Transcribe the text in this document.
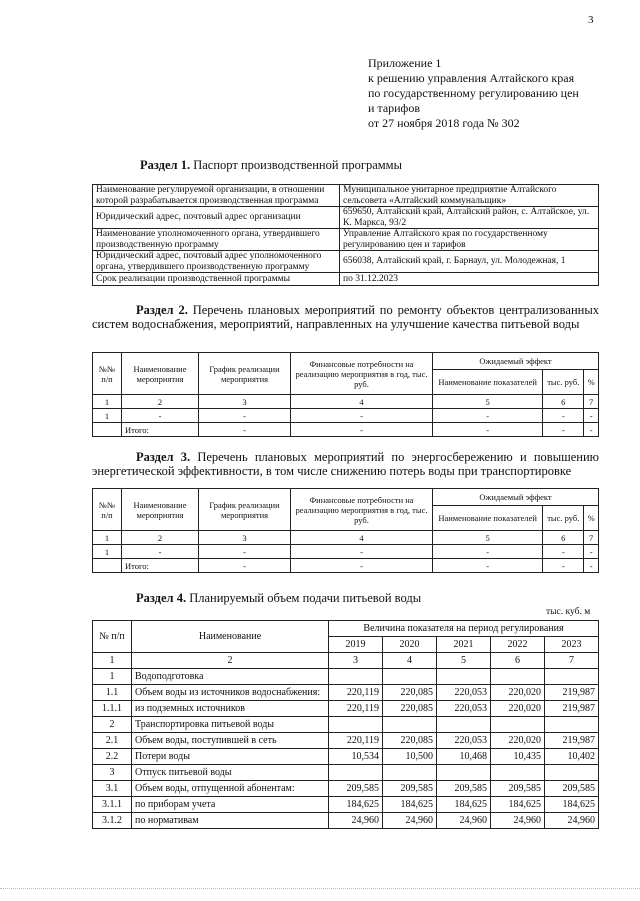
3
Приложение 1
к решению управления Алтайского края
по государственному регулированию цен
и тарифов
от 27 ноября 2018 года № 302
Раздел 1. Паспорт производственной программы
Наименование регулируемой организации, в отношении которой разрабатывается производственная программа	Муниципальное унитарное предприятие Алтайского сельсовета «Алтайский коммунальщик»
Юридический адрес, почтовый адрес организации	659650, Алтайский край, Алтайский район, с. Алтайское, ул. К. Маркса, 93/2
Наименование уполномоченного органа, утвердившего производственную программу	Управление Алтайского края по государственному регулированию цен и тарифов
Юридический адрес, почтовый адрес уполномоченного органа, утвердившего производственную программу	656038, Алтайский край, г. Барнаул, ул. Молодежная, 1
Срок реализации производственной программы	по 31.12.2023
Раздел 2. Перечень плановых мероприятий по ремонту объектов централизованных систем водоснабжения, мероприятий, направленных на улучшение качества питьевой воды
№№ п/п	Наименование мероприятия	График реализации мероприятия	Финансовые потребности на реализацию мероприятия в год, тыс. руб.	Ожидаемый эффект		
				Наименование показателей	тыс. руб.	%
1	2	3	4	5	6	7
1	-	-	-	-	-	-
	Итого:	-	-	-	-	-
Раздел 3. Перечень плановых мероприятий по энергосбережению и повышению энергетической эффективности, в том числе снижению потерь воды при транспортировке
№№ п/п	Наименование мероприятия	График реализации мероприятия	Финансовые потребности на реализацию мероприятия в год, тыс. руб.	Ожидаемый эффект		
				Наименование показателей	тыс. руб.	%
1	2	3	4	5	6	7
1	-	-	-	-	-	-
	Итого:	-	-	-	-	-
Раздел 4. Планируемый объем подачи питьевой воды
тыс. куб. м
№ п/п	Наименование	Величина показателя на период регулирования				
		2019	2020	2021	2022	2023
1	2	3	4	5	6	7
1	Водоподготовка					
1.1	Объем воды из источников водоснабжения:	220,119	220,085	220,053	220,020	219,987
1.1.1	из подземных источников	220,119	220,085	220,053	220,020	219,987
2	Транспортировка питьевой воды					
2.1	Объем воды, поступившей в сеть	220,119	220,085	220,053	220,020	219,987
2.2	Потери воды	10,534	10,500	10,468	10,435	10,402
3	Отпуск питьевой воды					
3.1	Объем воды, отпущенной абонентам:	209,585	209,585	209,585	209,585	209,585
3.1.1	по приборам учета	184,625	184,625	184,625	184,625	184,625
3.1.2	по нормативам	24,960	24,960	24,960	24,960	24,960
